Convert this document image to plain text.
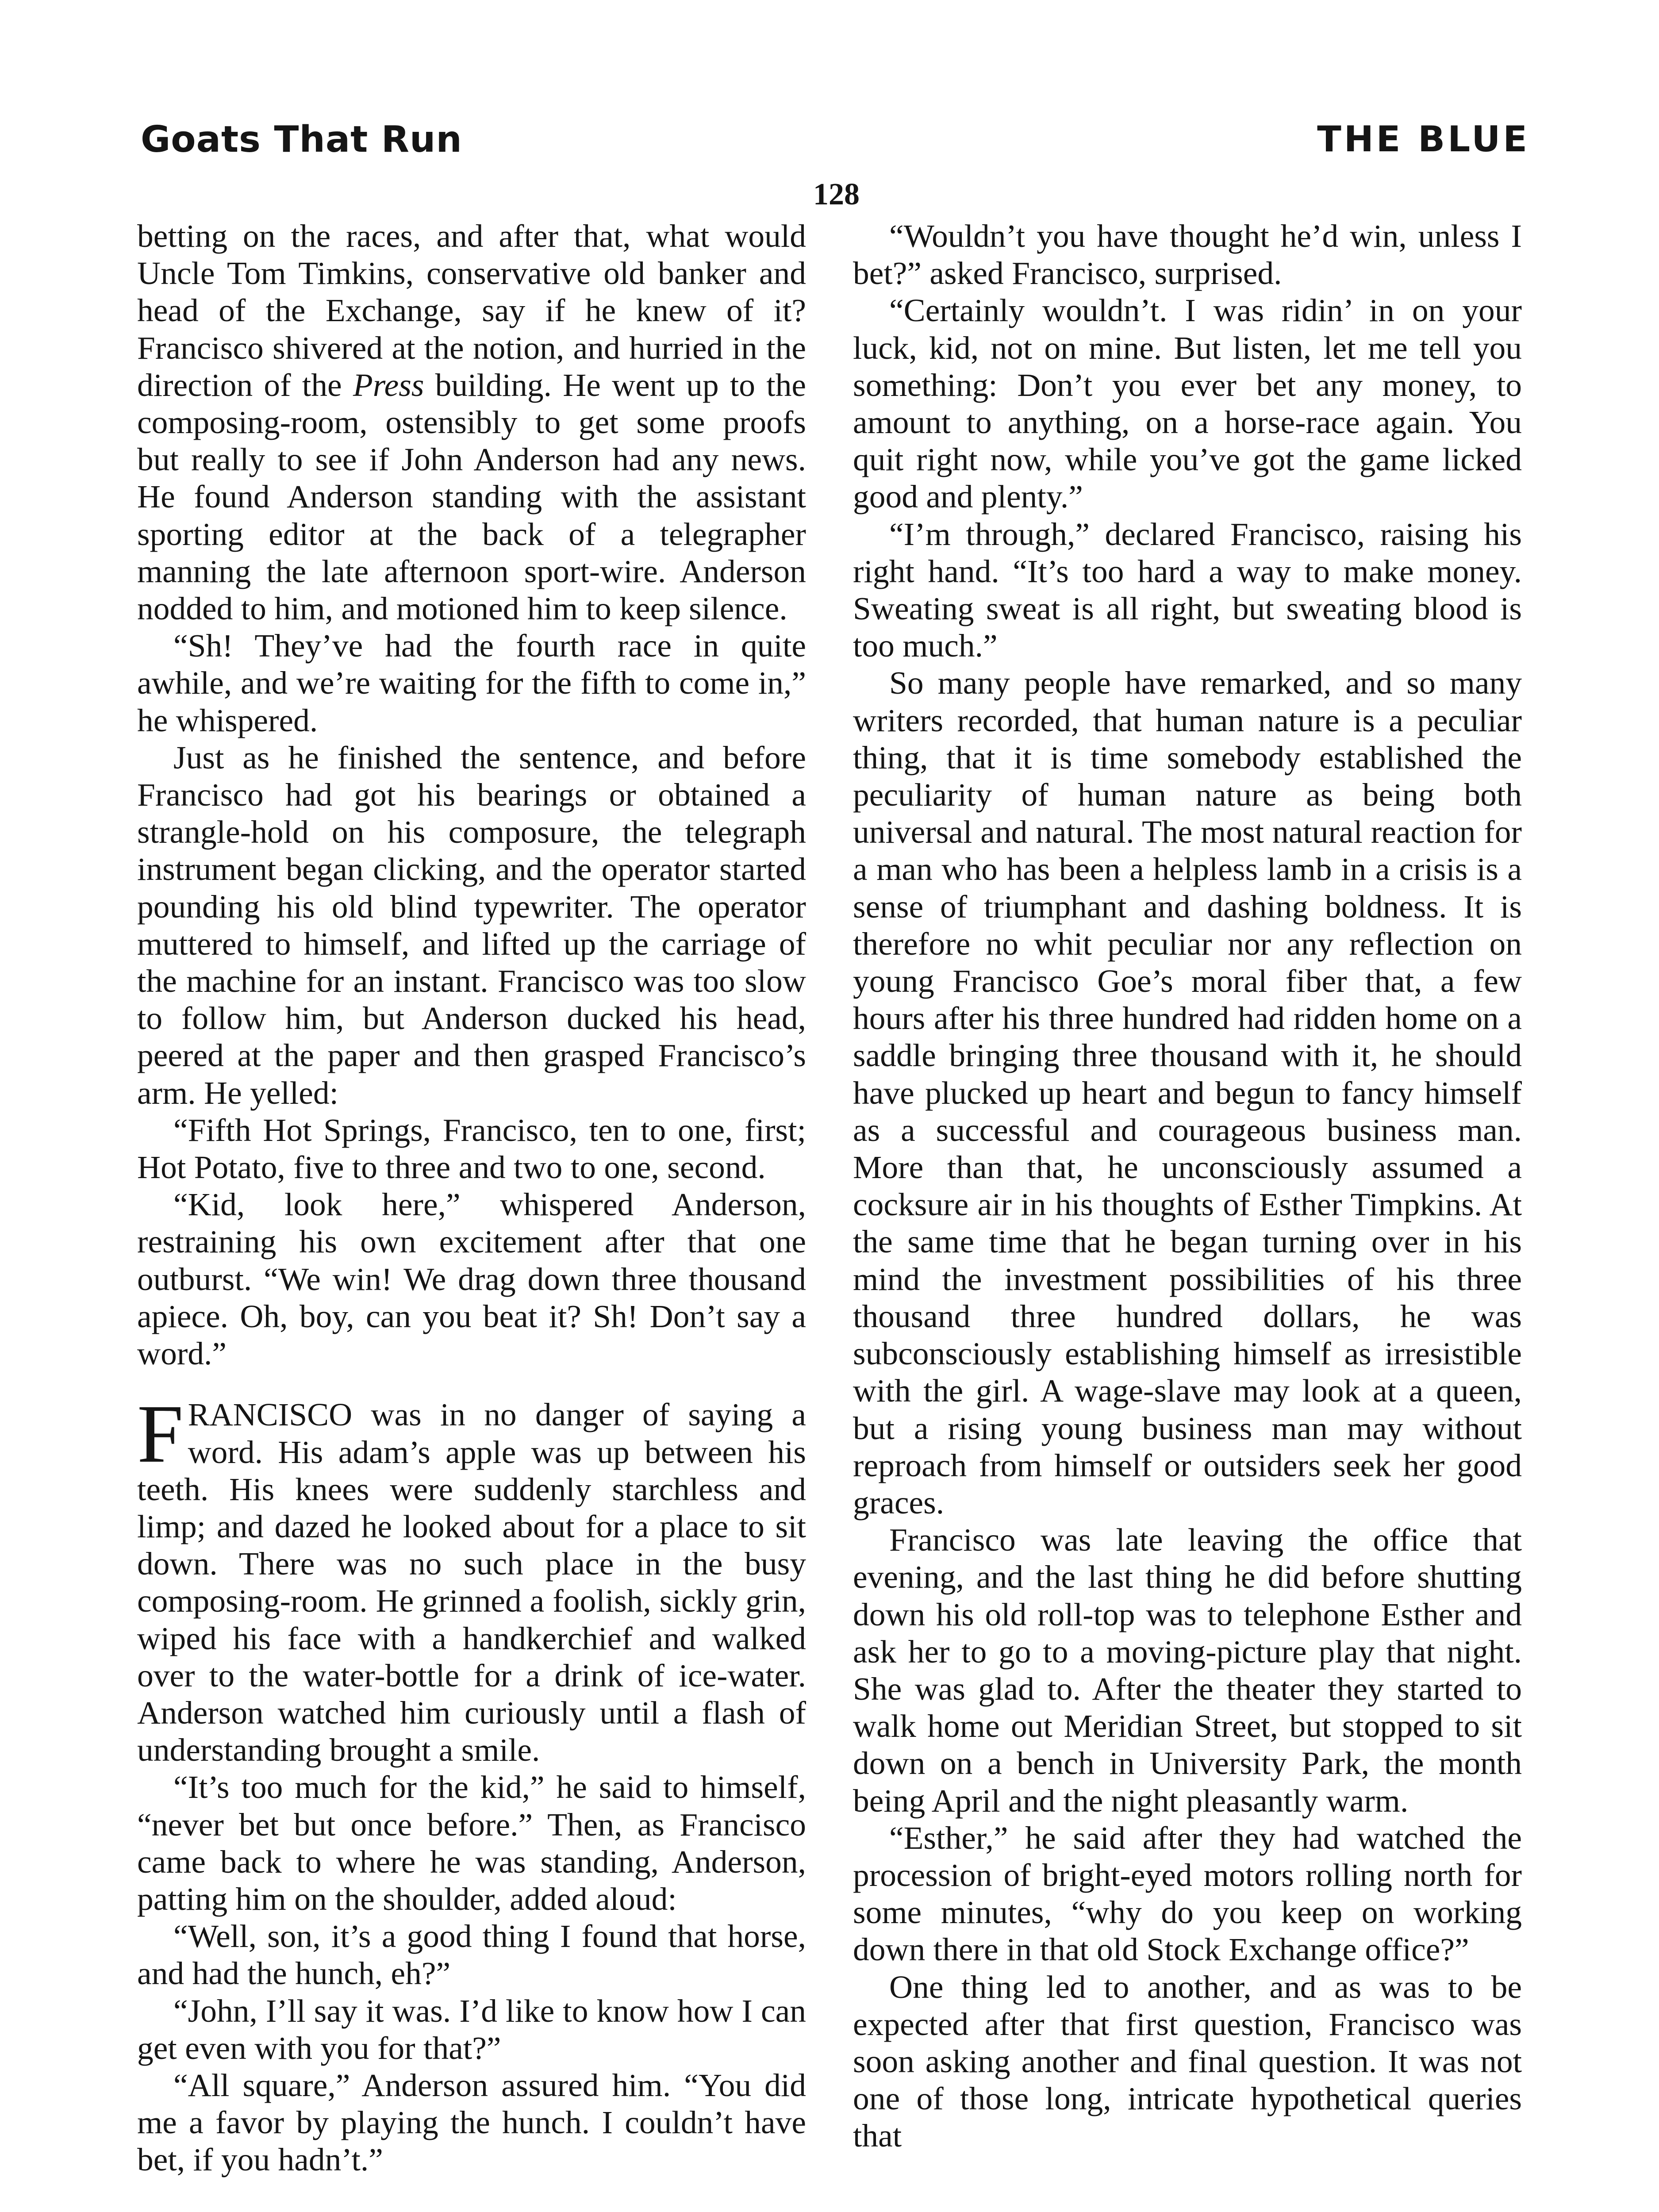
Goats That Run	THE BLUE
128

betting on the races, and after that, what would Uncle Tom Timkins, conservative old banker and head of the Exchange, say if he knew of it? Francisco shivered at the notion, and hurried in the direction of the Press building. He went up to the composing-room, ostensibly to get some proofs but really to see if John Anderson had any news. He found Anderson standing with the assistant sporting editor at the back of a telegrapher manning the late afternoon sport-wire. Anderson nodded to him, and motioned him to keep silence.

“Sh! They’ve had the fourth race in quite awhile, and we’re waiting for the fifth to come in,” he whispered.

Just as he finished the sentence, and before Francisco had got his bearings or obtained a strangle-hold on his composure, the telegraph instrument began clicking, and the operator started pounding his old blind typewriter. The operator muttered to himself, and lifted up the carriage of the machine for an instant. Francisco was too slow to follow him, but Anderson ducked his head, peered at the paper and then grasped Francisco’s arm. He yelled:

“Fifth Hot Springs, Francisco, ten to one, first; Hot Potato, five to three and two to one, second.

“Kid, look here,” whispered Anderson, restraining his own excitement after that one outburst. “We win! We drag down three thousand apiece. Oh, boy, can you beat it? Sh! Don’t say a word.”

FRANCISCO was in no danger of saying a word. His adam’s apple was up between his teeth. His knees were suddenly starchless and limp; and dazed he looked about for a place to sit down. There was no such place in the busy composing-room. He grinned a foolish, sickly grin, wiped his face with a handkerchief and walked over to the water-bottle for a drink of ice-water. Anderson watched him curiously until a flash of understanding brought a smile.

“It’s too much for the kid,” he said to himself, “never bet but once before.” Then, as Francisco came back to where he was standing, Anderson, patting him on the shoulder, added aloud:

“Well, son, it’s a good thing I found that horse, and had the hunch, eh?”

“John, I’ll say it was. I’d like to know how I can get even with you for that?”

“All square,” Anderson assured him. “You did me a favor by playing the hunch. I couldn’t have bet, if you hadn’t.”

“Wouldn’t you have thought he’d win, unless I bet?” asked Francisco, surprised.

“Certainly wouldn’t. I was ridin’ in on your luck, kid, not on mine. But listen, let me tell you something: Don’t you ever bet any money, to amount to anything, on a horse-race again. You quit right now, while you’ve got the game licked good and plenty.”

“I’m through,” declared Francisco, raising his right hand. “It’s too hard a way to make money. Sweating sweat is all right, but sweating blood is too much.”

So many people have remarked, and so many writers recorded, that human nature is a peculiar thing, that it is time somebody established the peculiarity of human nature as being both universal and natural. The most natural reaction for a man who has been a helpless lamb in a crisis is a sense of triumphant and dashing boldness. It is therefore no whit peculiar nor any reflection on young Francisco Goe’s moral fiber that, a few hours after his three hundred had ridden home on a saddle bringing three thousand with it, he should have plucked up heart and begun to fancy himself as a successful and courageous business man. More than that, he unconsciously assumed a cocksure air in his thoughts of Esther Timpkins. At the same time that he began turning over in his mind the investment possibilities of his three thousand three hundred dollars, he was subconsciously establishing himself as irresistible with the girl. A wage-slave may look at a queen, but a rising young business man may without reproach from himself or outsiders seek her good graces.

Francisco was late leaving the office that evening, and the last thing he did before shutting down his old roll-top was to telephone Esther and ask her to go to a moving-picture play that night. She was glad to. After the theater they started to walk home out Meridian Street, but stopped to sit down on a bench in University Park, the month being April and the night pleasantly warm.

“Esther,” he said after they had watched the procession of bright-eyed motors rolling north for some minutes, “why do you keep on working down there in that old Stock Exchange office?”

One thing led to another, and as was to be expected after that first question, Francisco was soon asking another and final question. It was not one of those long, intricate hypothetical queries that
